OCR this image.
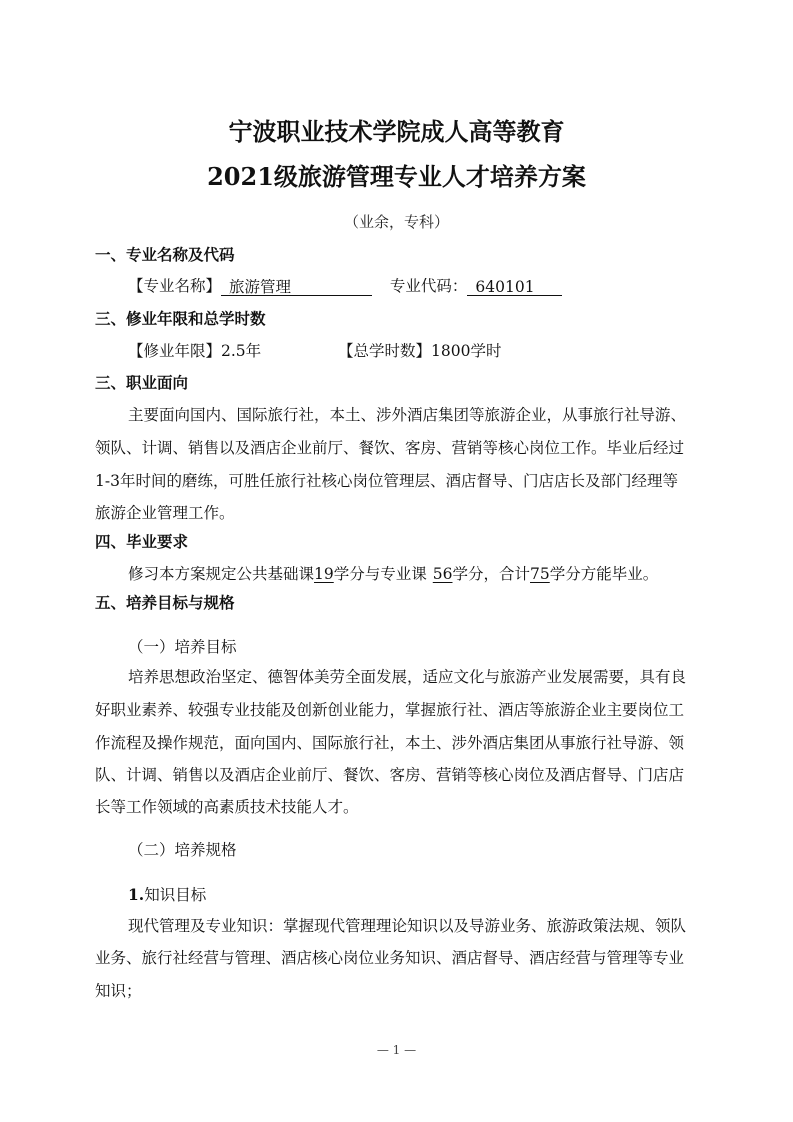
宁波职业技术学院成人高等教育
2021级旅游管理专业人才培养方案
（业余，专科）
一、专业名称及代码
【专业名称】 旅游管理	专业代码： 640101
三、修业年限和总学时数
【修业年限】2.5年	【总学时数】1800学时
三、职业面向
主要面向国内、国际旅行社，本土、涉外酒店集团等旅游企业，从事旅行社导游、
领队、计调、销售以及酒店企业前厅、餐饮、客房、营销等核心岗位工作。毕业后经过
1-3年时间的磨练，可胜任旅行社核心岗位管理层、酒店督导、门店店长及部门经理等
旅游企业管理工作。
四、毕业要求
修习本方案规定公共基础课19学分与专业课 56学分，合计75学分方能毕业。
五、培养目标与规格
（一）培养目标
培养思想政治坚定、德智体美劳全面发展，适应文化与旅游产业发展需要，具有良
好职业素养、较强专业技能及创新创业能力，掌握旅行社、酒店等旅游企业主要岗位工
作流程及操作规范，面向国内、国际旅行社，本土、涉外酒店集团从事旅行社导游、领
队、计调、销售以及酒店企业前厅、餐饮、客房、营销等核心岗位及酒店督导、门店店
长等工作领域的高素质技术技能人才。
（二）培养规格
1.知识目标
现代管理及专业知识：掌握现代管理理论知识以及导游业务、旅游政策法规、领队
业务、旅行社经营与管理、酒店核心岗位业务知识、酒店督导、酒店经营与管理等专业
知识；
— 1 —
